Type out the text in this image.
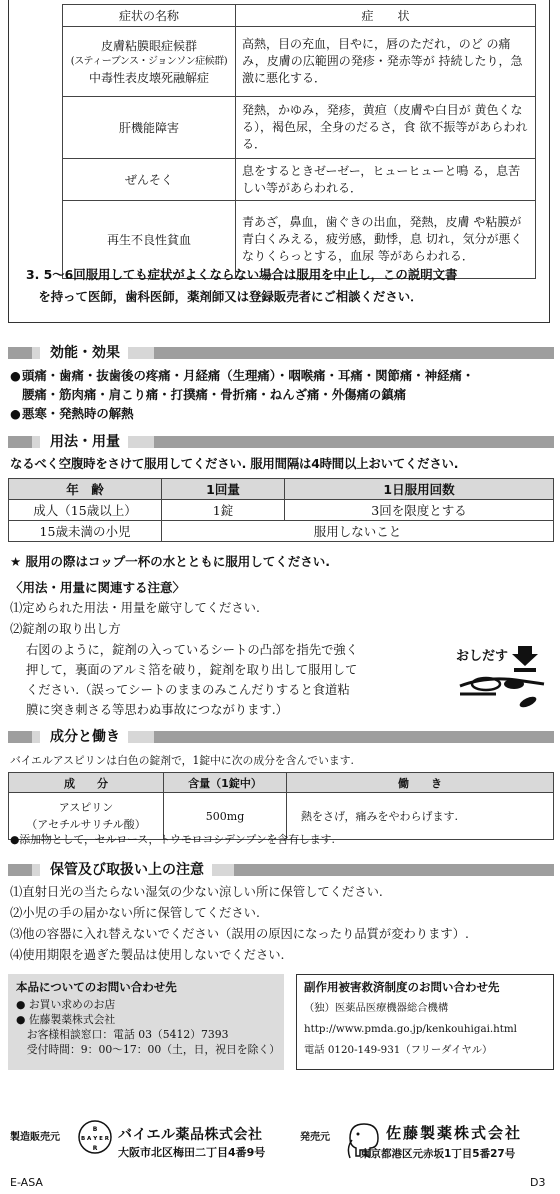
症状の名称	症　　状
皮膚粘膜眼症候群
(スティーブンス・ジョンソン症候群)
中毒性表皮壊死融解症	高熱，目の充血，目やに，唇のただれ，のど の痛み，皮膚の広範囲の発疹・発赤等が 持続したり，急激に悪化する．
肝機能障害	発熱，かゆみ，発疹，黄疸（皮膚や白目が 黄色くなる），褐色尿，全身のだるさ，食 欲不振等があらわれる．
ぜんそく	息をするときゼーゼー，ヒューヒューと鳴 る，息苦しい等があらわれる．
再生不良性貧血	青あざ，鼻血，歯ぐきの出血，発熱，皮膚 や粘膜が青白くみえる，疲労感，動悸，息 切れ，気分が悪くなりくらっとする，血尿 等があらわれる．
3. 5～6回服用しても症状がよくならない場合は服用を中止し，この説明文書
　を持って医師，歯科医師，薬剤師又は登録販売者にご相談ください．
効能・効果
●頭痛・歯痛・抜歯後の疼痛・月経痛（生理痛）・咽喉痛・耳痛・関節痛・神経痛・
腰痛・筋肉痛・肩こり痛・打撲痛・骨折痛・ねんざ痛・外傷痛の鎮痛
●悪寒・発熱時の解熱
用法・用量
なるべく空腹時をさけて服用してください. 服用間隔は4時間以上おいてください.
年　齢	1回量	1日服用回数
成人（15歳以上）	1錠	3回を限度とする
15歳未満の小児	服用しないこと	
★ 服用の際はコップ一杯の水とともに服用してください.
〈用法・用量に関連する注意〉
⑴定められた用法・用量を厳守してください.
⑵錠剤の取り出し方
右図のように，錠剤の入っているシートの凸部を指先で強く
押して，裏面のアルミ箔を破り，錠剤を取り出して服用して
ください.（誤ってシートのままのみこんだりすると食道粘
膜に突き刺さる等思わぬ事故につながります.）
おしだす
成分と働き
バイエルアスピリンは白色の錠剤で，1錠中に次の成分を含んでいます.
成　　分	含量（1錠中）	働　　き

アスピリン
（アセチルサリチル酸）	500mg	熱をさげ，痛みをやわらげます.
●添加物として，セルロース，トウモロコシデンプンを含有します.
保管及び取扱い上の注意
⑴直射日光の当たらない湿気の少ない涼しい所に保管してください.
⑵小児の手の届かない所に保管してください.
⑶他の容器に入れ替えないでください（誤用の原因になったり品質が変わります）.
⑷使用期限を過ぎた製品は使用しないでください.
本品についてのお問い合わせ先
● お買い求めのお店
● 佐藤製薬株式会社
　お客様相談窓口：電話 03（5412）7393
　受付時間：9：00～17：00（土，日，祝日を除く）
副作用被害救済制度のお問い合わせ先
（独）医薬品医療機器総合機構
http://www.pmda.go.jp/kenkouhigai.html
電話 0120-149-931（フリーダイヤル）
製造販売元	B A Y E R
B
R
バイエル薬品株式会社
大阪市北区梅田二丁目4番9号
発売元	佐藤製薬株式会社
東京都港区元赤坂1丁目5番27号
E-ASA	D3
